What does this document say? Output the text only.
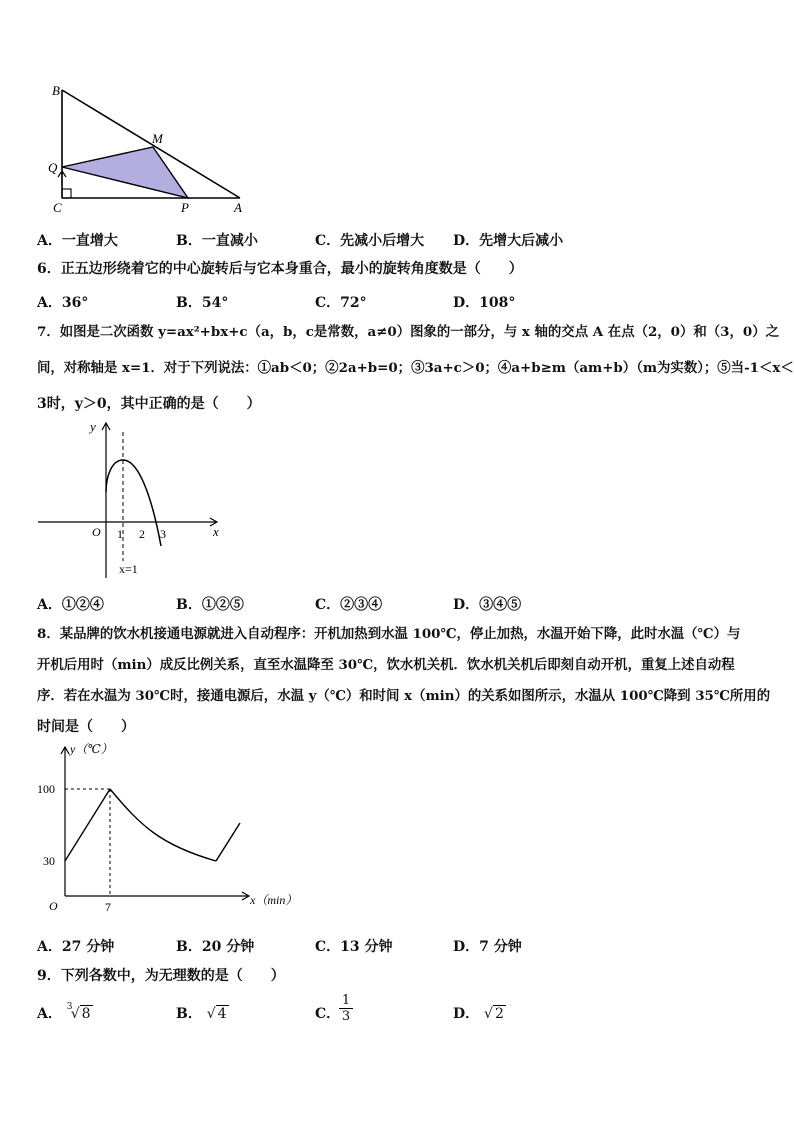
B
M
Q
C	P	A
A．一直增大	B．一直减小	C．先减小后增大 D．先增大后减小
6．正五边形绕着它的中心旋转后与它本身重合，最小的旋转角度数是（　　）
A．36°	B．54°	C．72°	D．108°
7．如图是二次函数 y=ax²+bx+c（a，b，c是常数，a≠0）图象的一部分，与 x 轴的交点 A 在点（2，0）和（3，0）之
间，对称轴是 x=1．对于下列说法：①ab＜0；②2a+b=0；③3a+c＞0；④a+b≥m（am+b）（m为实数）；⑤当-1＜x＜
3时，y＞0，其中正确的是（　　）
y
x
O 1 2 3
x=1
A．①②④	B．①②⑤	C．②③④	D．③④⑤
8．某品牌的饮水机接通电源就进入自动程序：开机加热到水温 100℃，停止加热，水温开始下降，此时水温（℃）与
开机后用时（min）成反比例关系，直至水温降至 30℃，饮水机关机．饮水机关机后即刻自动开机，重复上述自动程
序．若在水温为 30℃时，接通电源后，水温 y（℃）和时间 x（min）的关系如图所示，水温从 100℃降到 35℃所用的
时间是（　　）
y（℃）
x（min）
O
100
30
7
A．27 分钟	B．20 分钟	C．13 分钟	D．7 分钟
9．下列各数中，为无理数的是（　　）
A． 3
√ 8	B． √ 4	C．
$\frac{1}{3}$	D． √ 2
